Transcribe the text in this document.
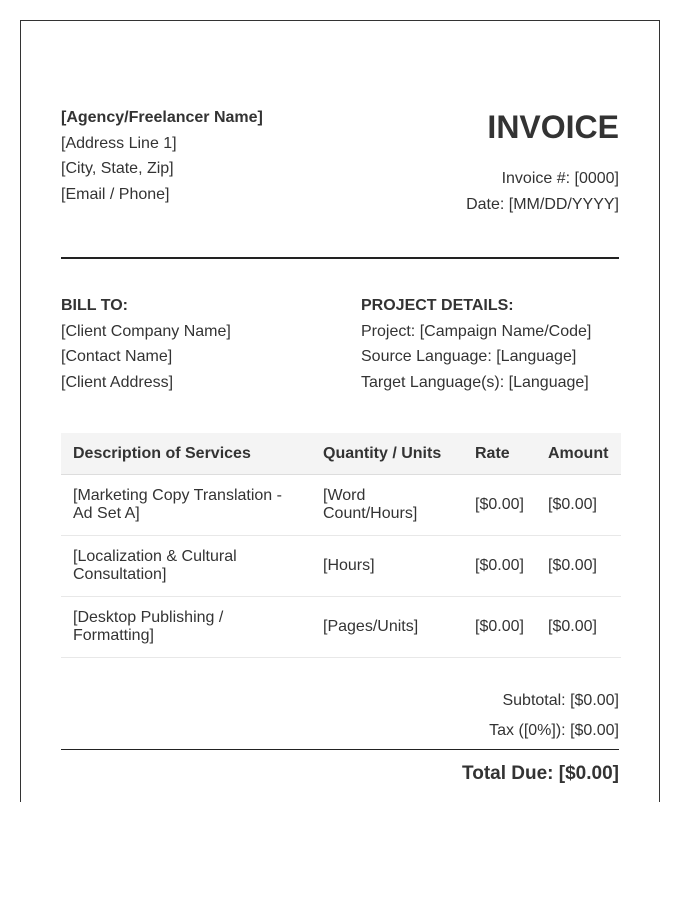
[Agency/Freelancer Name]
[Address Line 1]
[City, State, Zip]
[Email / Phone]
INVOICE
Invoice #: [0000]
Date: [MM/DD/YYYY]
BILL TO:
[Client Company Name]
[Contact Name]
[Client Address]
PROJECT DETAILS:
Project: [Campaign Name/Code]
Source Language: [Language]
Target Language(s): [Language]
Description of Services	Quantity / Units	Rate	Amount
[Marketing Copy Translation - Ad Set A]	[Word Count/Hours]	[$0.00]	[$0.00]
[Localization & Cultural Consultation]	[Hours]	[$0.00]	[$0.00]
[Desktop Publishing / Formatting]	[Pages/Units]	[$0.00]	[$0.00]
Subtotal: [$0.00]
Tax ([0%]): [$0.00]
Total Due: [$0.00]
